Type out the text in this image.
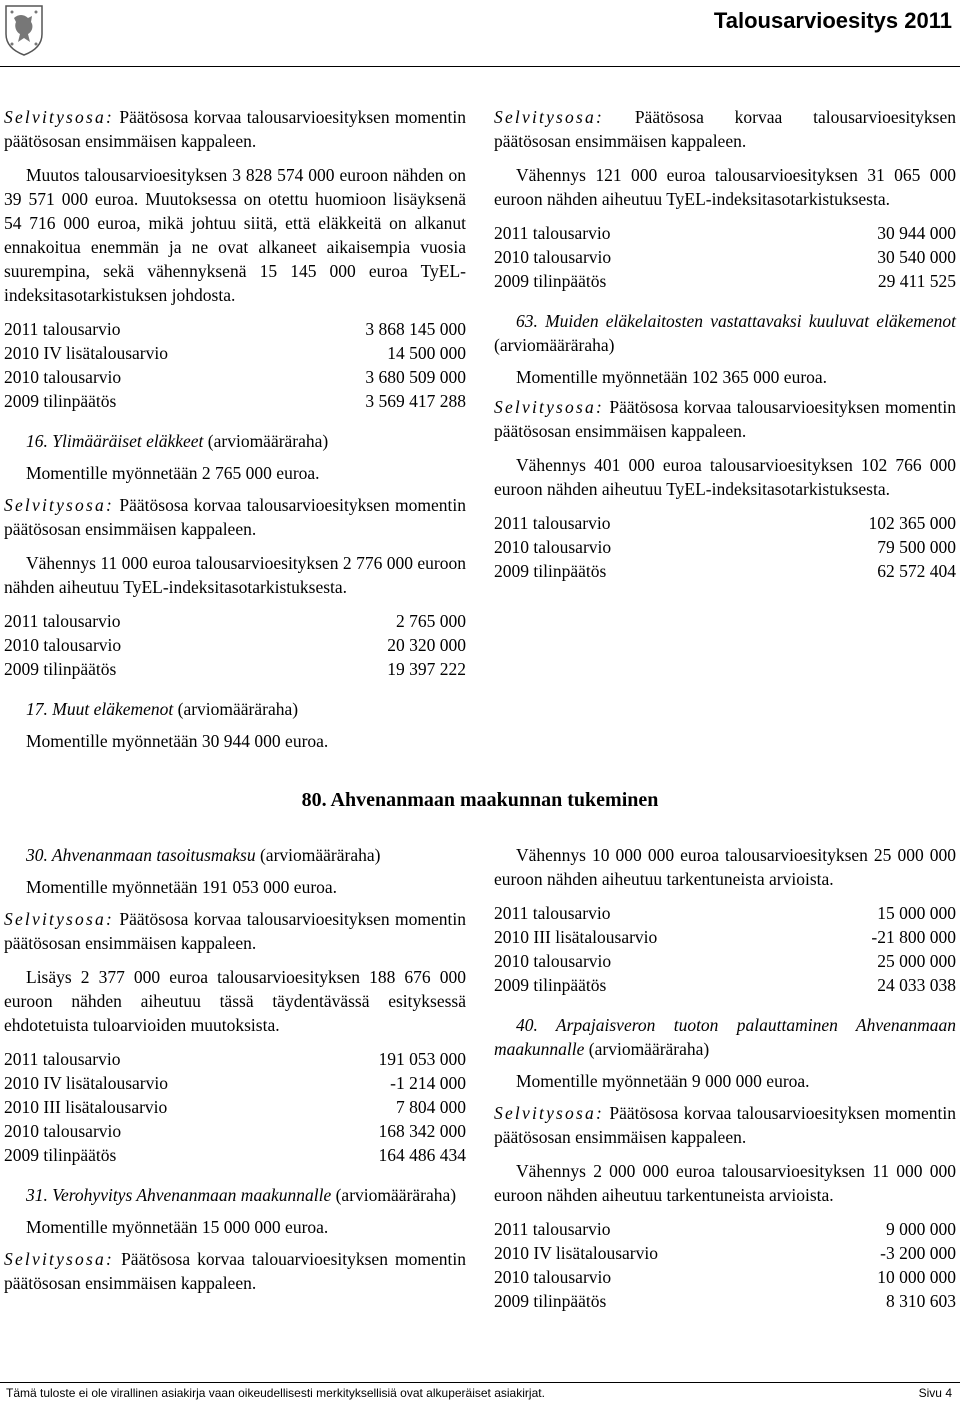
Talousarvioesitys 2011

Selvitysosa: Päätösosa korvaa talousarvioesityksen momentin päätösosan ensimmäisen kappaleen.

Muutos talousarvioesityksen 3 828 574 000 euroon nähden on 39 571 000 euroa. Muutoksessa on otettu huomioon lisäyksenä 54 716 000 euroa, mikä johtuu siitä, että eläkkeitä on alkanut ennakoitua enemmän ja ne ovat alkaneet aikaisempia vuosia suurempina, sekä vähennyksenä 15 145 000 euroa TyEL-indeksitasotarkistuksen johdosta.

2011 talousarvio	3 868 145 000
2010 IV lisätalousarvio	14 500 000
2010 talousarvio	3 680 509 000
2009 tilinpäätös	3 569 417 288

16. Ylimääräiset eläkkeet (arviomääräraha)

Momentille myönnetään 2 765 000 euroa.

Selvitysosa: Päätösosa korvaa talousarvioesityksen momentin päätösosan ensimmäisen kappaleen.

Vähennys 11 000 euroa talousarvioesityksen 2 776 000 euroon nähden aiheutuu TyEL-indeksitasotarkistuksesta.

2011 talousarvio	2 765 000
2010 talousarvio	20 320 000
2009 tilinpäätös	19 397 222

17. Muut eläkemenot (arviomääräraha)

Momentille myönnetään 30 944 000 euroa.

Selvitysosa: Päätösosa korvaa talousarvioesityksen päätösosan ensimmäisen kappaleen.

Vähennys 121 000 euroa talousarvioesityksen 31 065 000 euroon nähden aiheutuu TyEL-indeksitasotarkistuksesta.

2011 talousarvio	30 944 000
2010 talousarvio	30 540 000
2009 tilinpäätös	29 411 525

63. Muiden eläkelaitosten vastattavaksi kuuluvat eläkemenot (arviomääräraha)

Momentille myönnetään 102 365 000 euroa.

Selvitysosa: Päätösosa korvaa talousarvioesityksen momentin päätösosan ensimmäisen kappaleen.

Vähennys 401 000 euroa talousarvioesityksen 102 766 000 euroon nähden aiheutuu TyEL-indeksitasotarkistuksesta.

2011 talousarvio	102 365 000
2010 talousarvio	79 500 000
2009 tilinpäätös	62 572 404
80. Ahvenanmaan maakunnan tukeminen

30. Ahvenanmaan tasoitusmaksu (arviomääräraha)

Momentille myönnetään 191 053 000 euroa.

Selvitysosa: Päätösosa korvaa talousarvioesityksen momentin päätösosan ensimmäisen kappaleen.

Lisäys 2 377 000 euroa talousarvioesityksen 188 676 000 euroon nähden aiheutuu tässä täydentävässä esityksessä ehdotetuista tuloarvioiden muutoksista.

2011 talousarvio	191 053 000
2010 IV lisätalousarvio	-1 214 000
2010 III lisätalousarvio	7 804 000
2010 talousarvio	168 342 000
2009 tilinpäätös	164 486 434

31. Verohyvitys Ahvenanmaan maakunnalle (arviomääräraha)

Momentille myönnetään 15 000 000 euroa.

Selvitysosa: Päätösosa korvaa talouarvioesityksen momentin päätösosan ensimmäisen kappaleen.

Vähennys 10 000 000 euroa talousarvioesityksen 25 000 000 euroon nähden aiheutuu tarkentuneista arvioista.

2011 talousarvio	15 000 000
2010 III lisätalousarvio	-21 800 000
2010 talousarvio	25 000 000
2009 tilinpäätös	24 033 038

40. Arpajaisveron tuoton palauttaminen Ahvenanmaan maakunnalle (arviomääräraha)

Momentille myönnetään 9 000 000 euroa.

Selvitysosa: Päätösosa korvaa talousarvioesityksen momentin päätösosan ensimmäisen kappaleen.

Vähennys 2 000 000 euroa talousarvioesityksen 11 000 000 euroon nähden aiheutuu tarkentuneista arvioista.

2011 talousarvio	9 000 000
2010 IV lisätalousarvio	-3 200 000
2010 talousarvio	10 000 000
2009 tilinpäätös	8 310 603
Tämä tuloste ei ole virallinen asiakirja vaan oikeudellisesti merkityksellisiä ovat alkuperäiset asiakirjat.	Sivu 4
